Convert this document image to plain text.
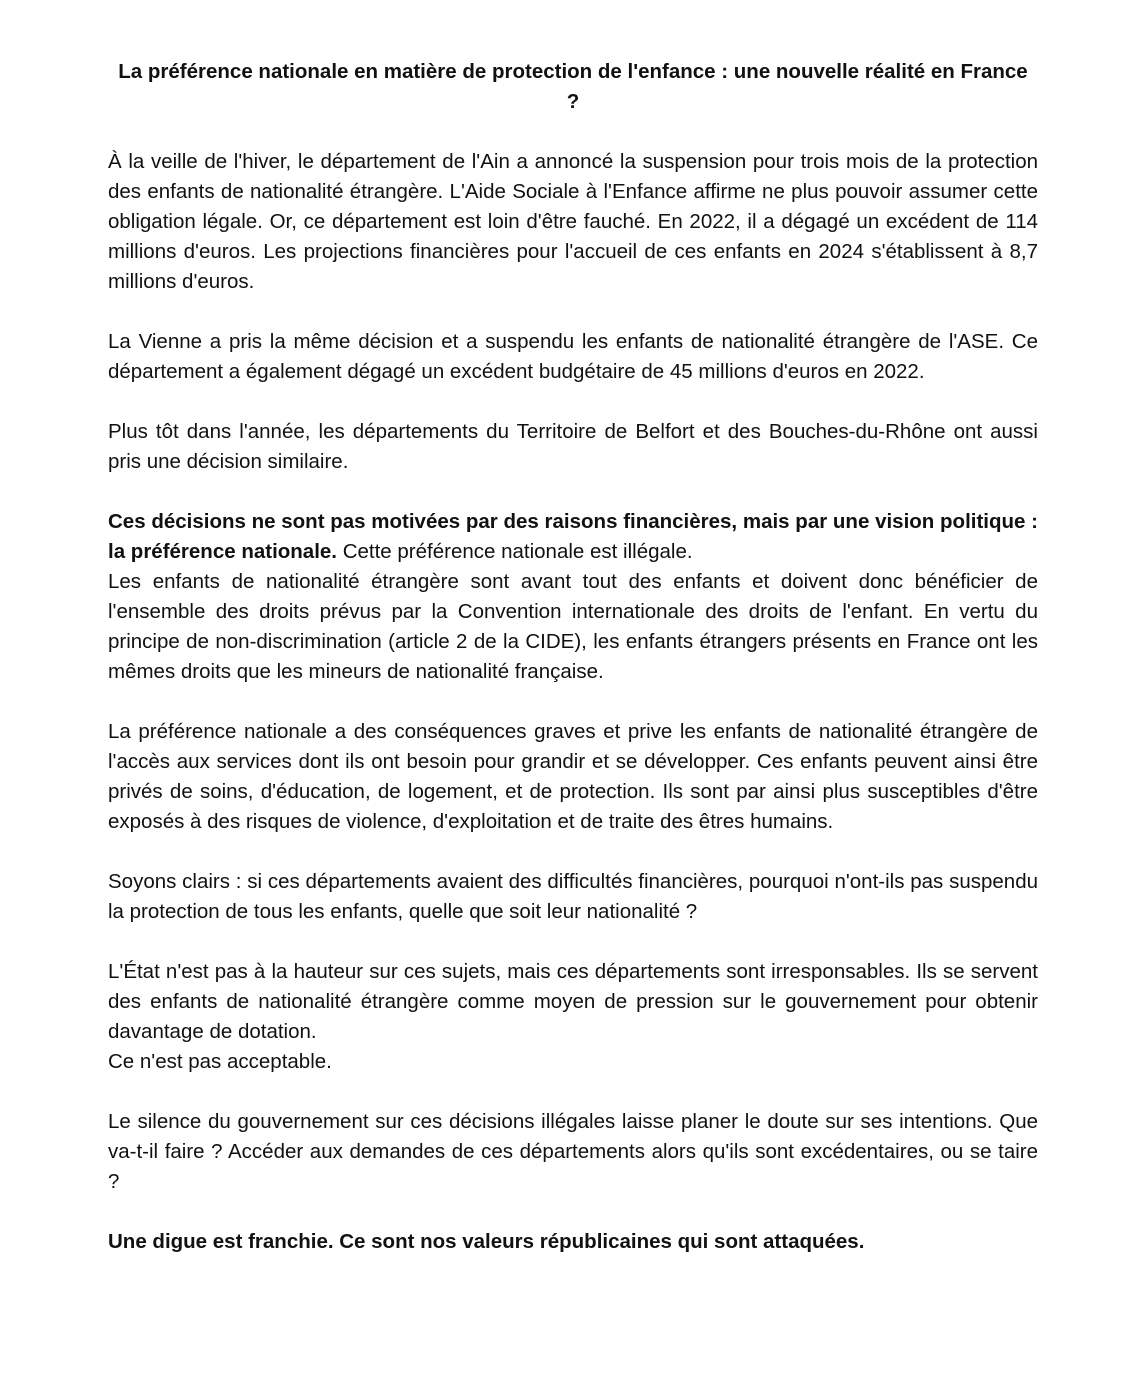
La préférence nationale en matière de protection de l'enfance : une nouvelle réalité en France ?

À la veille de l'hiver, le département de l'Ain a annoncé la suspension pour trois mois de la protection des enfants de nationalité étrangère. L'Aide Sociale à l'Enfance affirme ne plus pouvoir assumer cette obligation légale. Or, ce département est loin d'être fauché. En 2022, il a dégagé un excédent de 114 millions d'euros. Les projections financières pour l'accueil de ces enfants en 2024 s'établissent à 8,7 millions d'euros.

La Vienne a pris la même décision et a suspendu les enfants de nationalité étrangère de l'ASE. Ce département a également dégagé un excédent budgétaire de 45 millions d'euros en 2022.

Plus tôt dans l'année, les départements du Territoire de Belfort et des Bouches-du-Rhône ont aussi pris une décision similaire.

Ces décisions ne sont pas motivées par des raisons financières, mais par une vision politique : la préférence nationale. Cette préférence nationale est illégale.
Les enfants de nationalité étrangère sont avant tout des enfants et doivent donc bénéficier de l'ensemble des droits prévus par la Convention internationale des droits de l'enfant. En vertu du principe de non-discrimination (article 2 de la CIDE), les enfants étrangers présents en France ont les mêmes droits que les mineurs de nationalité française.

La préférence nationale a des conséquences graves et prive les enfants de nationalité étrangère de l'accès aux services dont ils ont besoin pour grandir et se développer. Ces enfants peuvent ainsi être privés de soins, d'éducation, de logement, et de protection. Ils sont par ainsi plus susceptibles d'être exposés à des risques de violence, d'exploitation et de traite des êtres humains.

Soyons clairs : si ces départements avaient des difficultés financières, pourquoi n'ont-ils pas suspendu la protection de tous les enfants, quelle que soit leur nationalité ?

L'État n'est pas à la hauteur sur ces sujets, mais ces départements sont irresponsables. Ils se servent des enfants de nationalité étrangère comme moyen de pression sur le gouvernement pour obtenir davantage de dotation.
Ce n'est pas acceptable.

Le silence du gouvernement sur ces décisions illégales laisse planer le doute sur ses intentions. Que va-t-il faire ? Accéder aux demandes de ces départements alors qu'ils sont excédentaires, ou se taire ?

Une digue est franchie. Ce sont nos valeurs républicaines qui sont attaquées.
